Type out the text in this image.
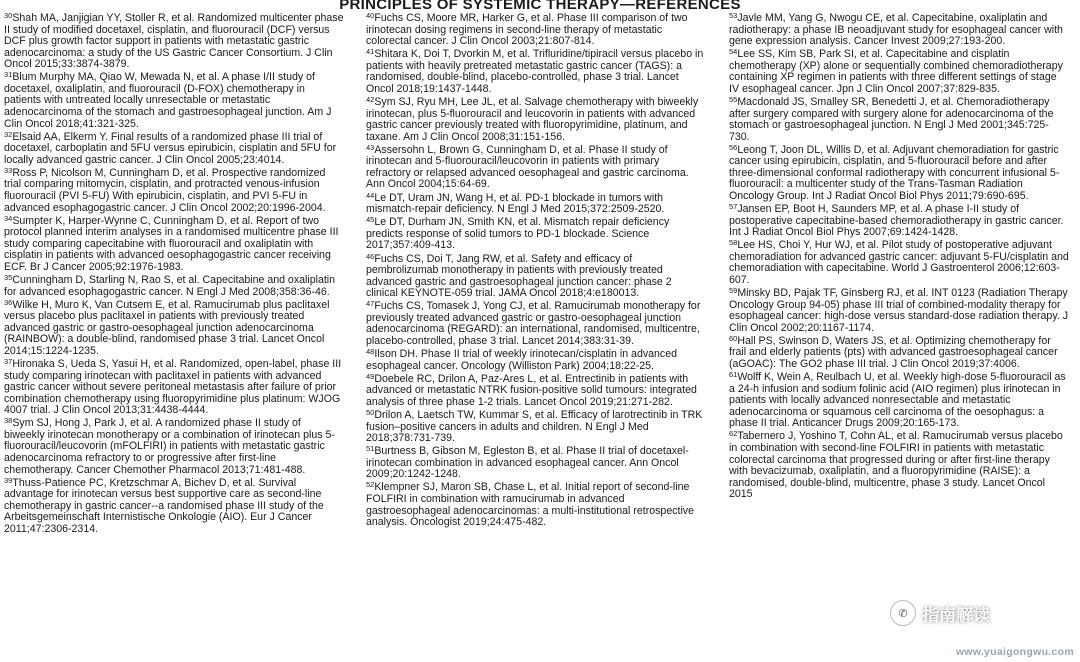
PRINCIPLES OF SYSTEMIC THERAPY—REFERENCES

$^{30}$Shah MA, Janjigian YY, Stoller R, et al. Randomized multicenter phase II study of modified docetaxel, cisplatin, and fluorouracil (DCF) versus DCF plus growth factor support in patients with metastatic gastric adenocarcinoma: a study of the US Gastric Cancer Consortium. J Clin Oncol 2015;33:3874-3879.

$^{31}$Blum Murphy MA, Qiao W, Mewada N, et al. A phase I/II study of docetaxel, oxaliplatin, and fluorouracil (D-FOX) chemotherapy in patients with untreated locally unresectable or metastatic adenocarcinoma of the stomach and gastroesophageal junction. Am J Clin Oncol 2018;41:321-325.

$^{32}$Elsaid AA, Elkerm Y. Final results of a randomized phase III trial of docetaxel, carboplatin and 5FU versus epirubicin, cisplatin and 5FU for locally advanced gastric cancer. J Clin Oncol 2005;23:4014.

$^{33}$Ross P, Nicolson M, Cunningham D, et al. Prospective randomized trial comparing mitomycin, cisplatin, and protracted venous-infusion fluorouracil (PVI 5-FU) With epirubicin, cisplatin, and PVI 5-FU in advanced esophagogastric cancer. J Clin Oncol 2002;20:1996-2004.

$^{34}$Sumpter K, Harper-Wynne C, Cunningham D, et al. Report of two protocol planned interim analyses in a randomised multicentre phase III study comparing capecitabine with fluorouracil and oxaliplatin with cisplatin in patients with advanced oesophagogastric cancer receiving ECF. Br J Cancer 2005;92:1976-1983.

$^{35}$Cunningham D, Starling N, Rao S, et al. Capecitabine and oxaliplatin for advanced esophagogastric cancer. N Engl J Med 2008;358:36-46.

$^{36}$Wilke H, Muro K, Van Cutsem E, et al. Ramucirumab plus paclitaxel versus placebo plus paclitaxel in patients with previously treated advanced gastric or gastro-oesophageal junction adenocarcinoma (RAINBOW): a double-blind, randomised phase 3 trial. Lancet Oncol 2014;15:1224-1235.

$^{37}$Hironaka S, Ueda S, Yasui H, et al. Randomized, open-label, phase III study comparing irinotecan with paclitaxel in patients with advanced gastric cancer without severe peritoneal metastasis after failure of prior combination chemotherapy using fluoropyrimidine plus platinum: WJOG 4007 trial. J Clin Oncol 2013;31:4438-4444.

$^{38}$Sym SJ, Hong J, Park J, et al. A randomized phase II study of biweekly irinotecan monotherapy or a combination of irinotecan plus 5-fluorouracil/leucovorin (mFOLFIRI) in patients with metastatic gastric adenocarcinoma refractory to or progressive after first-line chemotherapy. Cancer Chemother Pharmacol 2013;71:481-488.

$^{39}$Thuss-Patience PC, Kretzschmar A, Bichev D, et al. Survival advantage for irinotecan versus best supportive care as second-line chemotherapy in gastric cancer--a randomised phase III study of the Arbeitsgemeinschaft Internistische Onkologie (AIO). Eur J Cancer 2011;47:2306-2314.

$^{40}$Fuchs CS, Moore MR, Harker G, et al. Phase III comparison of two irinotecan dosing regimens in second-line therapy of metastatic colorectal cancer. J Clin Oncol 2003;21:807-814.

$^{41}$Shitara K, Doi T, Dvorkin M, et al. Trifluridine/tipiracil versus placebo in patients with heavily pretreated metastatic gastric cancer (TAGS): a randomised, double-blind, placebo-controlled, phase 3 trial. Lancet Oncol 2018;19:1437-1448.

$^{42}$Sym SJ, Ryu MH, Lee JL, et al. Salvage chemotherapy with biweekly irinotecan, plus 5-fluorouracil and leucovorin in patients with advanced gastric cancer previously treated with fluoropyrimidine, platinum, and taxane. Am J Clin Oncol 2008;31:151-156.

$^{43}$Assersohn L, Brown G, Cunningham D, et al. Phase II study of irinotecan and 5-fluorouracil/leucovorin in patients with primary refractory or relapsed advanced oesophageal and gastric carcinoma. Ann Oncol 2004;15:64-69.

$^{44}$Le DT, Uram JN, Wang H, et al. PD-1 blockade in tumors with mismatch-repair deficiency. N Engl J Med 2015;372:2509-2520.

$^{45}$Le DT, Durham JN, Smith KN, et al. Mismatch repair deficiency predicts response of solid tumors to PD-1 blockade. Science 2017;357:409-413.

$^{46}$Fuchs CS, Doi T, Jang RW, et al. Safety and efficacy of pembrolizumab monotherapy in patients with previously treated advanced gastric and gastroesophageal junction cancer: phase 2 clinical KEYNOTE-059 trial. JAMA Oncol 2018;4:e180013.

$^{47}$Fuchs CS, Tomasek J, Yong CJ, et al. Ramucirumab monotherapy for previously treated advanced gastric or gastro-oesophageal junction adenocarcinoma (REGARD): an international, randomised, multicentre, placebo-controlled, phase 3 trial. Lancet 2014;383:31-39.

$^{48}$Ilson DH. Phase II trial of weekly irinotecan/cisplatin in advanced esophageal cancer. Oncology (Williston Park) 2004;18:22-25.

$^{49}$Doebele RC, Drilon A, Paz-Ares L, et al. Entrectinib in patients with advanced or metastatic NTRK fusion-positive solid tumours: integrated analysis of three phase 1-2 trials. Lancet Oncol 2019;21:271-282.

$^{50}$Drilon A, Laetsch TW, Kummar S, et al. Efficacy of larotrectinib in TRK fusion–positive cancers in adults and children. N Engl J Med 2018;378:731-739.

$^{51}$Burtness B, Gibson M, Egleston B, et al. Phase II trial of docetaxel-irinotecan combination in advanced esophageal cancer. Ann Oncol 2009;20:1242-1248.

$^{52}$Klempner SJ, Maron SB, Chase L, et al. Initial report of second-line FOLFIRI in combination with ramucirumab in advanced gastroesophageal adenocarcinomas: a multi-institutional retrospective analysis. Oncologist 2019;24:475-482.

$^{53}$Javle MM, Yang G, Nwogu CE, et al. Capecitabine, oxaliplatin and radiotherapy: a phase IB neoadjuvant study for esophageal cancer with gene expression analysis. Cancer Invest 2009;27:193-200.

$^{54}$Lee SS, Kim SB, Park SI, et al. Capecitabine and cisplatin chemotherapy (XP) alone or sequentially combined chemoradiotherapy containing XP regimen in patients with three different settings of stage IV esophageal cancer. Jpn J Clin Oncol 2007;37:829-835.

$^{55}$Macdonald JS, Smalley SR, Benedetti J, et al. Chemoradiotherapy after surgery compared with surgery alone for adenocarcinoma of the stomach or gastroesophageal junction. N Engl J Med 2001;345:725-730.

$^{56}$Leong T, Joon DL, Willis D, et al. Adjuvant chemoradiation for gastric cancer using epirubicin, cisplatin, and 5-fluorouracil before and after three-dimensional conformal radiotherapy with concurrent infusional 5-fluorouracil: a multicenter study of the Trans-Tasman Radiation Oncology Group. Int J Radiat Oncol Biol Phys 2011;79:690-695.

$^{57}$Jansen EP, Boot H, Saunders MP, et al. A phase I-II study of postoperative capecitabine-based chemoradiotherapy in gastric cancer. Int J Radiat Oncol Biol Phys 2007;69:1424-1428.

$^{58}$Lee HS, Choi Y, Hur WJ, et al. Pilot study of postoperative adjuvant chemoradiation for advanced gastric cancer: adjuvant 5-FU/cisplatin and chemoradiation with capecitabine. World J Gastroenterol 2006;12:603-607.

$^{59}$Minsky BD, Pajak TF, Ginsberg RJ, et al. INT 0123 (Radiation Therapy Oncology Group 94-05) phase III trial of combined-modality therapy for esophageal cancer: high-dose versus standard-dose radiation therapy. J Clin Oncol 2002;20:1167-1174.

$^{60}$Hall PS, Swinson D, Waters JS, et al. Optimizing chemotherapy for frail and elderly patients (pts) with advanced gastroesophageal cancer (aGOAC): The GO2 phase III trial. J Clin Oncol 2019;37:4006.

$^{61}$Wolff K, Wein A, Reulbach U, et al. Weekly high-dose 5-fluorouracil as a 24-h infusion and sodium folinic acid (AIO regimen) plus irinotecan in patients with locally advanced nonresectable and metastatic adenocarcinoma or squamous cell carcinoma of the oesophagus: a phase II trial. Anticancer Drugs 2009;20:165-173.

$^{62}$Tabernero J, Yoshino T, Cohn AL, et al. Ramucirumab versus placebo in combination with second-line FOLFIRI in patients with metastatic colorectal carcinoma that progressed during or after first-line therapy with bevacizumab, oxaliplatin, and a fluoropyrimidine (RAISE): a randomised, double-blind, multicentre, phase 3 study. Lancet Oncol 2015

✆ 指南解读
www.yuaigongwu.com
